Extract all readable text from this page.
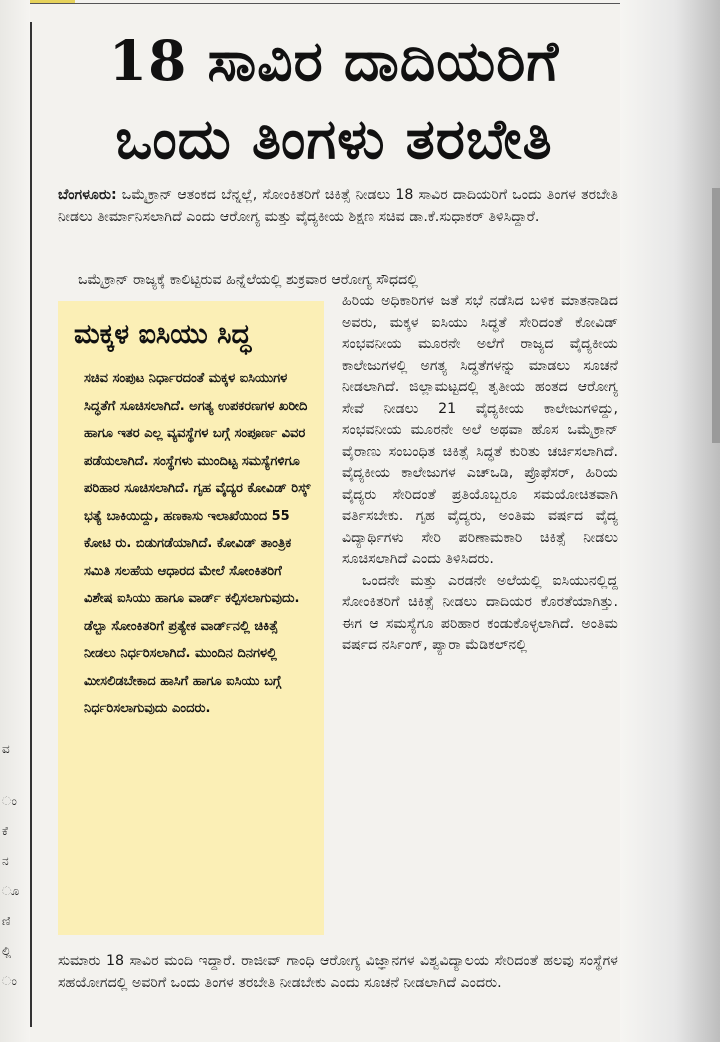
ವ
ಂ
ಕೆ
ನ
ೂ
ಣಿ
ಲ್ಲಿ
ಂ
18 ಸಾವಿರ ದಾದಿಯರಿಗೆ
ಒಂದು ತಿಂಗಳು ತರಬೇತಿ
ಬೆಂಗಳೂರು: ಒಮೈಕ್ರಾನ್ ಆತಂಕದ ಬೆನ್ನಲ್ಲೆ, ಸೋಂಕಿತರಿಗೆ ಚಿಕಿತ್ಸೆ ನೀಡಲು 18 ಸಾವಿರ ದಾದಿಯರಿಗೆ ಒಂದು ತಿಂಗಳ ತರಬೇತಿ ನೀಡಲು ತೀರ್ಮಾನಿಸಲಾಗಿದೆ ಎಂದು ಆರೋಗ್ಯ ಮತ್ತು ವೈದ್ಯಕೀಯ ಶಿಕ್ಷಣ ಸಚಿವ ಡಾ.ಕೆ.ಸುಧಾಕರ್ ತಿಳಿಸಿದ್ದಾರೆ.
ಒಮೈಕ್ರಾನ್ ರಾಜ್ಯಕ್ಕೆ ಕಾಲಿಟ್ಟಿರುವ ಹಿನ್ನೆಲೆಯಲ್ಲಿ ಶುಕ್ರವಾರ ಆರೋಗ್ಯ ಸೌಧದಲ್ಲಿ
ಮಕ್ಕಳ ಐಸಿಯು ಸಿದ್ಧ
ಸಚಿವ ಸಂಪುಟ ನಿರ್ಧಾರದಂತೆ ಮಕ್ಕಳ ಐಸಿಯುಗಳ ಸಿದ್ಧತೆಗೆ ಸೂಚಿಸಲಾಗಿದೆ. ಅಗತ್ಯ ಉಪಕರಣಗಳ ಖರೀದಿ ಹಾಗೂ ಇತರ ಎಲ್ಲ ವ್ಯವಸ್ಥೆಗಳ ಬಗ್ಗೆ ಸಂಪೂರ್ಣ ವಿವರ ಪಡೆಯಲಾಗಿದೆ. ಸಂಸ್ಥೆಗಳು ಮುಂದಿಟ್ಟ ಸಮಸ್ಯೆಗಳಿಗೂ ಪರಿಹಾರ ಸೂಚಿಸಲಾಗಿದೆ. ಗೃಹ ವೈದ್ಯರ ಕೋವಿಡ್ ರಿಸ್ಕ್ ಭತ್ಯೆ ಬಾಕಿಯಿದ್ದು, ಹಣಕಾಸು ಇಲಾಖೆಯಿಂದ 55 ಕೋಟಿ ರು. ಬಿಡುಗಡೆಯಾಗಿದೆ. ಕೋವಿಡ್ ತಾಂತ್ರಿಕ ಸಮಿತಿ ಸಲಹೆಯ ಆಧಾರದ ಮೇಲೆ ಸೋಂಕಿತರಿಗೆ ವಿಶೇಷ ಐಸಿಯು ಹಾಗೂ ವಾರ್ಡ್ ಕಲ್ಪಿಸಲಾಗುವುದು. ಡೆಲ್ಟಾ ಸೋಂಕಿತರಿಗೆ ಪ್ರತ್ಯೇಕ ವಾರ್ಡ್‌ನಲ್ಲಿ ಚಿಕಿತ್ಸೆ ನೀಡಲು ನಿರ್ಧರಿಸಲಾಗಿದೆ. ಮುಂದಿನ ದಿನಗಳಲ್ಲಿ ಮೀಸಲಿಡಬೇಕಾದ ಹಾಸಿಗೆ ಹಾಗೂ ಐಸಿಯು ಬಗ್ಗೆ ನಿರ್ಧರಿಸಲಾಗುವುದು ಎಂದರು.

ಹಿರಿಯ ಅಧಿಕಾರಿಗಳ ಜತೆ ಸಭೆ ನಡೆಸಿದ ಬಳಿಕ ಮಾತನಾಡಿದ ಅವರು, ಮಕ್ಕಳ ಐಸಿಯು ಸಿದ್ಧತೆ ಸೇರಿದಂತೆ ಕೋವಿಡ್ ಸಂಭವನೀಯ ಮೂರನೇ ಅಲೆಗೆ ರಾಜ್ಯದ ವೈದ್ಯಕೀಯ ಕಾಲೇಜುಗಳಲ್ಲಿ ಅಗತ್ಯ ಸಿದ್ಧತೆಗಳನ್ನು ಮಾಡಲು ಸೂಚನೆ ನೀಡಲಾಗಿದೆ. ಜಿಲ್ಲಾಮಟ್ಟದಲ್ಲಿ ತೃತೀಯ ಹಂತದ ಆರೋಗ್ಯ ಸೇವೆ ನೀಡಲು 21 ವೈದ್ಯಕೀಯ ಕಾಲೇಜುಗಳಿದ್ದು, ಸಂಭವನೀಯ ಮೂರನೇ ಅಲೆ ಅಥವಾ ಹೊಸ ಒಮೈಕ್ರಾನ್ ವೈರಾಣು ಸಂಬಂಧಿತ ಚಿಕಿತ್ಸೆ ಸಿದ್ಧತೆ ಕುರಿತು ಚರ್ಚಿಸಲಾಗಿದೆ. ವೈದ್ಯಕೀಯ ಕಾಲೇಜುಗಳ ಎಚ್‌ಒಡಿ, ಪ್ರೊಫೆಸರ್, ಹಿರಿಯ ವೈದ್ಯರು ಸೇರಿದಂತೆ ಪ್ರತಿಯೊಬ್ಬರೂ ಸಮಯೋಚಿತವಾಗಿ ವರ್ತಿಸಬೇಕು. ಗೃಹ ವೈದ್ಯರು, ಅಂತಿಮ ವರ್ಷದ ವೈದ್ಯ ವಿದ್ಯಾರ್ಥಿಗಳು ಸೇರಿ ಪರಿಣಾಮಕಾರಿ ಚಿಕಿತ್ಸೆ ನೀಡಲು ಸೂಚಿಸಲಾಗಿದೆ ಎಂದು ತಿಳಿಸಿದರು.

ಒಂದನೇ ಮತ್ತು ಎರಡನೇ ಅಲೆಯಲ್ಲಿ ಐಸಿಯುನಲ್ಲಿದ್ದ ಸೋಂಕಿತರಿಗೆ ಚಿಕಿತ್ಸೆ ನೀಡಲು ದಾದಿಯರ ಕೊರತೆಯಾಗಿತ್ತು. ಈಗ ಆ ಸಮಸ್ಯೆಗೂ ಪರಿಹಾರ ಕಂಡುಕೊಳ್ಳಲಾಗಿದೆ. ಅಂತಿಮ ವರ್ಷದ ನರ್ಸಿಂಗ್, ಪ್ಯಾರಾ ಮೆಡಿಕಲ್‌ನಲ್ಲಿ

ಸುಮಾರು 18 ಸಾವಿರ ಮಂದಿ ಇದ್ದಾರೆ. ರಾಜೀವ್ ಗಾಂಧಿ ಆರೋಗ್ಯ ವಿಜ್ಞಾನಗಳ ವಿಶ್ವವಿದ್ಯಾಲಯ ಸೇರಿದಂತೆ ಹಲವು ಸಂಸ್ಥೆಗಳ ಸಹಯೋಗದಲ್ಲಿ ಅವರಿಗೆ ಒಂದು ತಿಂಗಳ ತರಬೇತಿ ನೀಡಬೇಕು ಎಂದು ಸೂಚನೆ ನೀಡಲಾಗಿದೆ ಎಂದರು.
